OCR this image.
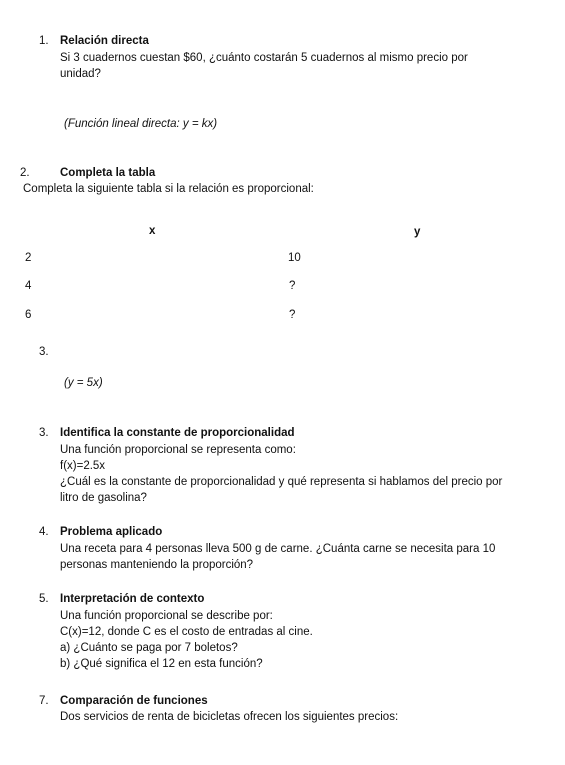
1. Relación directa
Si 3 cuadernos cuestan $60, ¿cuánto costarán 5 cuadernos al mismo precio por
unidad?
(Función lineal directa: y = kx)
2.	Completa la tabla
Completa la siguiente tabla si la relación es proporcional:
x	y
2	10
4	?
6	?
3.
(y = 5x)
3. Identifica la constante de proporcionalidad
Una función proporcional se representa como:
f(x)=2.5x
¿Cuál es la constante de proporcionalidad y qué representa si hablamos del precio por
litro de gasolina?
4. Problema aplicado
Una receta para 4 personas lleva 500 g de carne. ¿Cuánta carne se necesita para 10
personas manteniendo la proporción?
5. Interpretación de contexto
Una función proporcional se describe por:
C(x)=12, donde C es el costo de entradas al cine.
a) ¿Cuánto se paga por 7 boletos?
b) ¿Qué significa el 12 en esta función?
7. Comparación de funciones
Dos servicios de renta de bicicletas ofrecen los siguientes precios:
